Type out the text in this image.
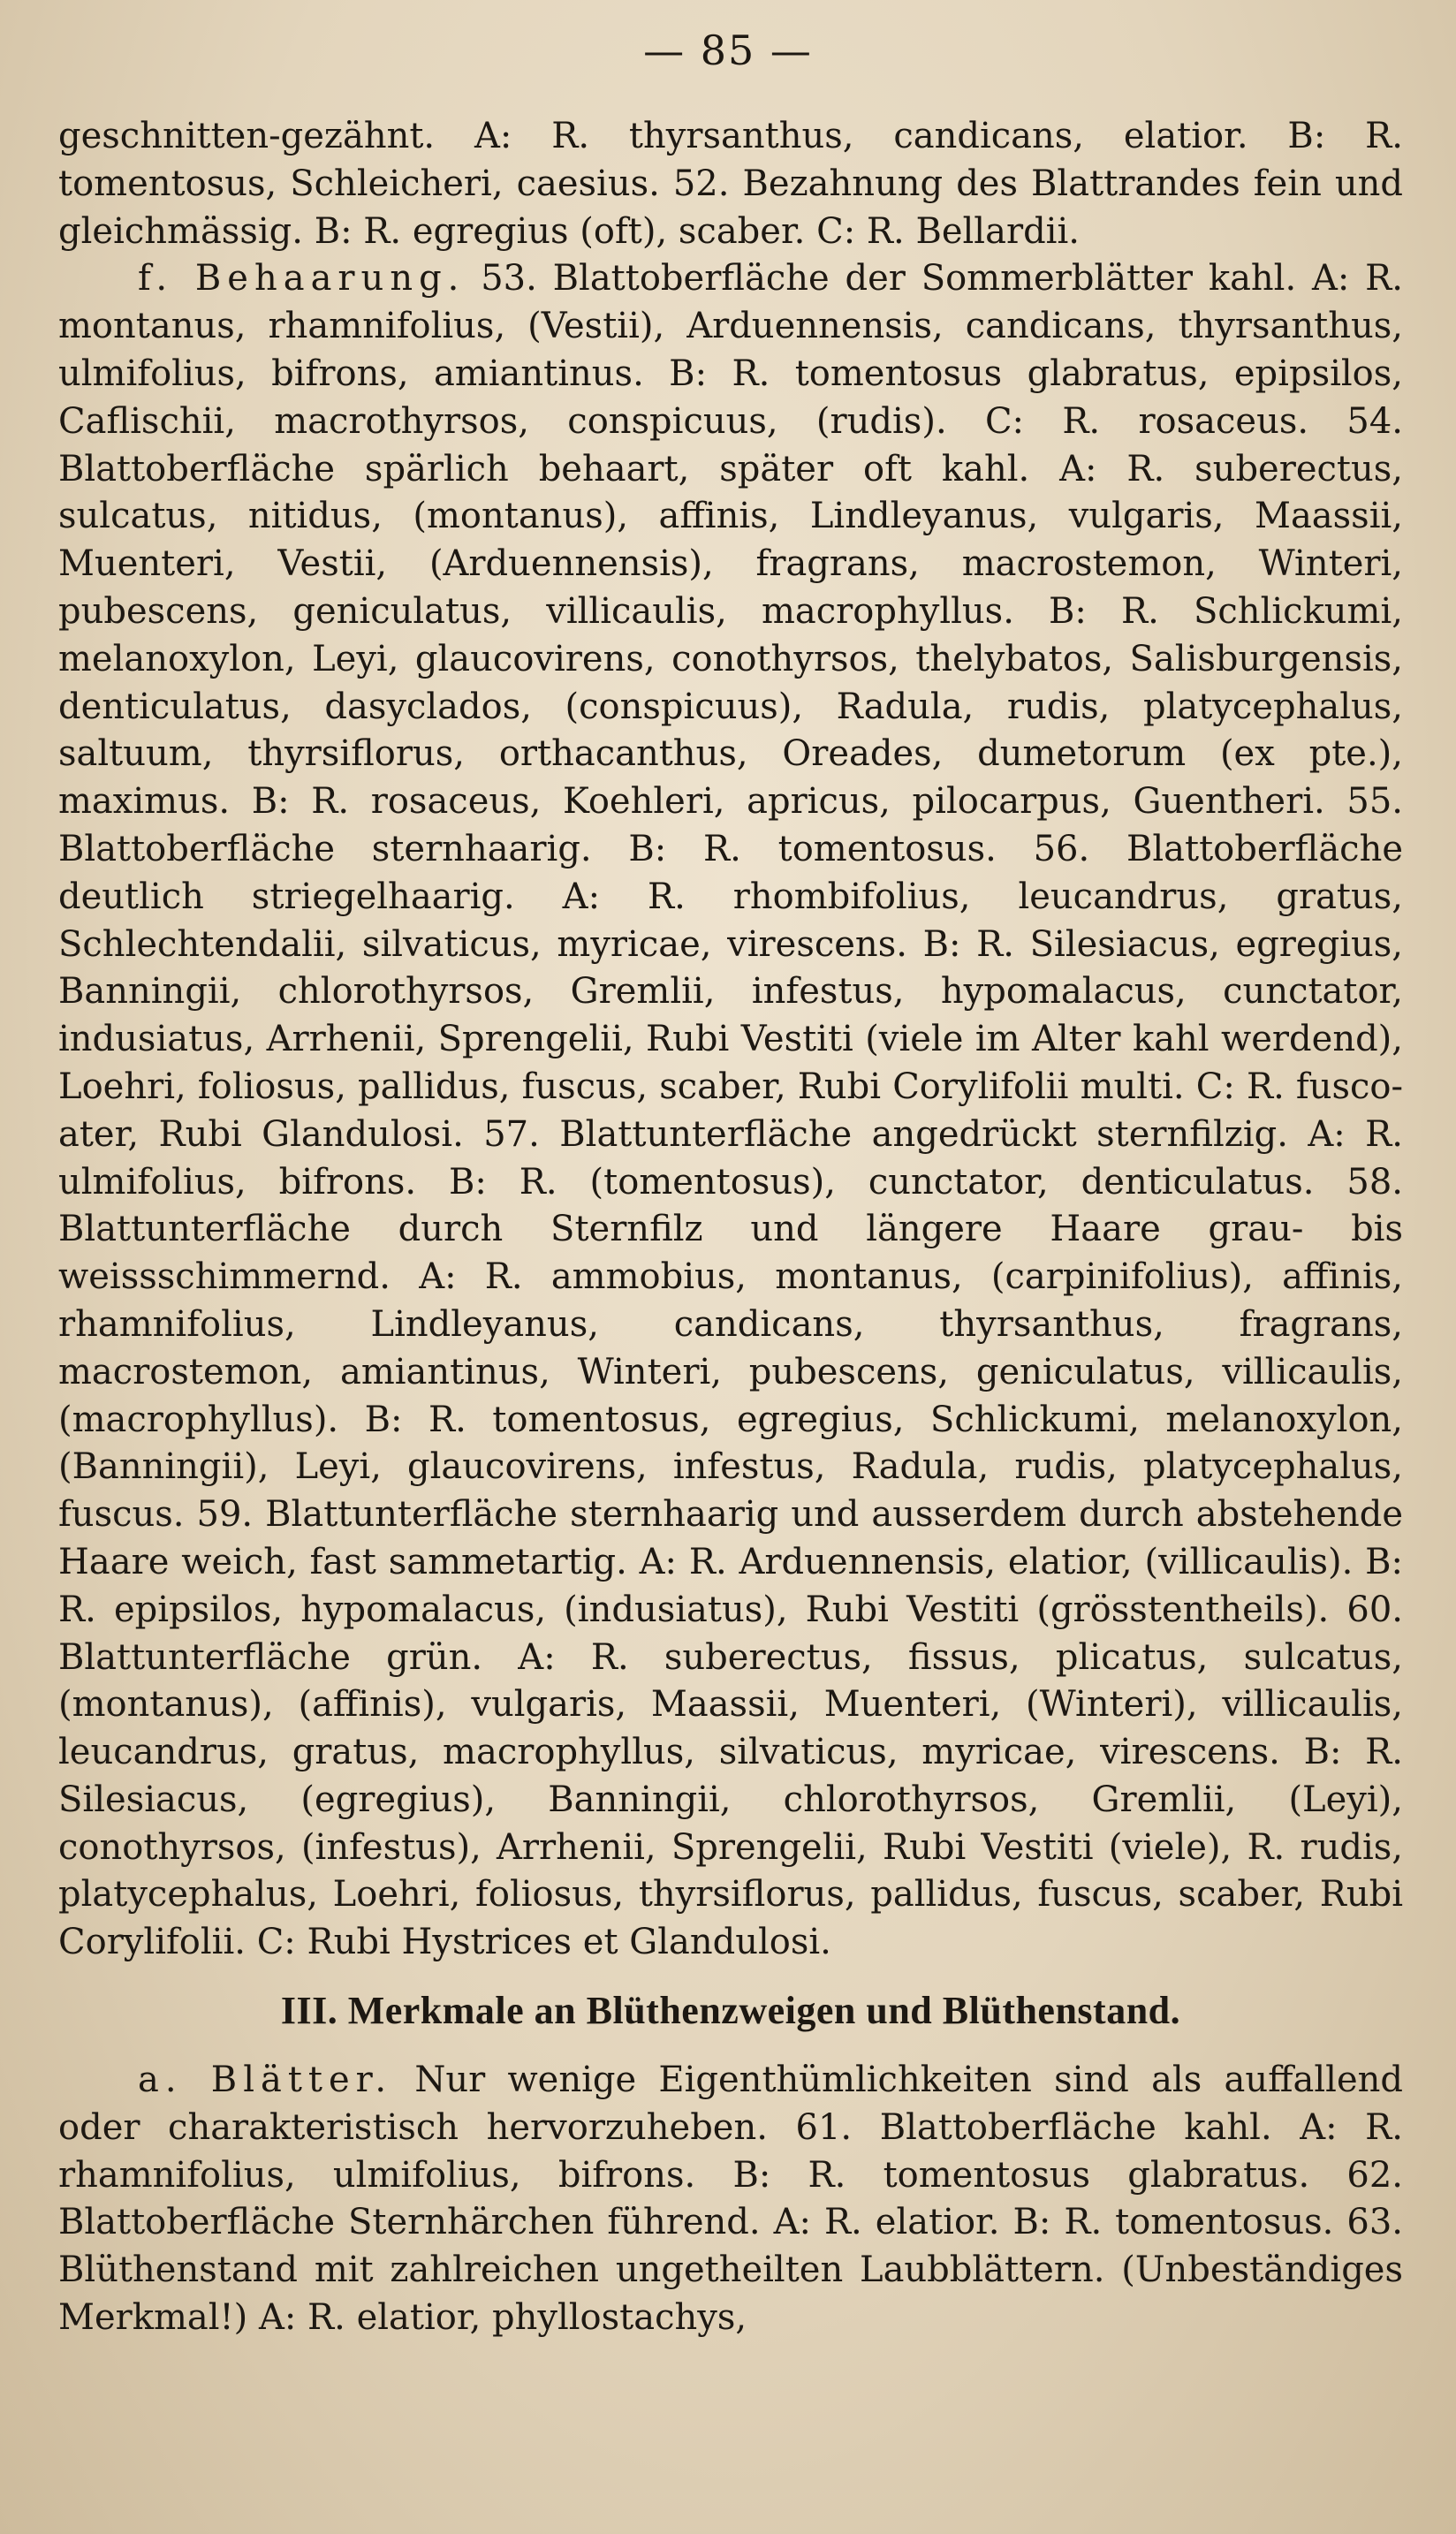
— 85 —

geschnitten-gezähnt. A: R. thyrsanthus, candicans, elatior. B: R. tomentosus, Schleicheri, caesius. 52. Bezahnung des Blattrandes fein und gleichmässig. B: R. egregius (oft), scaber. C: R. Bellardii.

f. Behaarung. 53. Blattoberfläche der Sommerblätter kahl. A: R. montanus, rhamnifolius, (Vestii), Arduennensis, candicans, thyrsanthus, ulmifolius, bifrons, amiantinus. B: R. tomentosus glabratus, epipsilos, Caflischii, macrothyrsos, conspicuus, (rudis). C: R. rosaceus. 54. Blattoberfläche spärlich behaart, später oft kahl. A: R. suberectus, sulcatus, nitidus, (montanus), affinis, Lindleyanus, vulgaris, Maassii, Muenteri, Vestii, (Arduennensis), fragrans, macrostemon, Winteri, pubescens, geniculatus, villicaulis, macrophyllus. B: R. Schlickumi, melanoxylon, Leyi, glaucovirens, conothyrsos, thelybatos, Salisburgensis, denticulatus, dasyclados, (conspicuus), Radula, rudis, platycephalus, saltuum, thyrsiflorus, orthacanthus, Oreades, dumetorum (ex pte.), maximus. B: R. rosaceus, Koehleri, apricus, pilocarpus, Guentheri. 55. Blattoberfläche sternhaarig. B: R. tomentosus. 56. Blattoberfläche deutlich striegelhaarig. A: R. rhombifolius, leucandrus, gratus, Schlechtendalii, silvaticus, myricae, virescens. B: R. Silesiacus, egregius, Banningii, chlorothyrsos, Gremlii, infestus, hypomalacus, cunctator, indusiatus, Arrhenii, Sprengelii, Rubi Vestiti (viele im Alter kahl werdend), Loehri, foliosus, pallidus, fuscus, scaber, Rubi Corylifolii multi. C: R. fusco-ater, Rubi Glandulosi. 57. Blattunterfläche angedrückt sternfilzig. A: R. ulmifolius, bifrons. B: R. (tomentosus), cunctator, denticulatus. 58. Blattunterfläche durch Sternfilz und längere Haare grau- bis weissschimmernd. A: R. ammobius, montanus, (carpinifolius), affinis, rhamnifolius, Lindleyanus, candicans, thyrsanthus, fragrans, macrostemon, amiantinus, Winteri, pubescens, geniculatus, villicaulis, (macrophyllus). B: R. tomentosus, egregius, Schlickumi, melanoxylon, (Banningii), Leyi, glaucovirens, infestus, Radula, rudis, platycephalus, fuscus. 59. Blattunterfläche sternhaarig und ausserdem durch abstehende Haare weich, fast sammetartig. A: R. Arduennensis, elatior, (villicaulis). B: R. epipsilos, hypomalacus, (indusiatus), Rubi Vestiti (grösstentheils). 60. Blattunterfläche grün. A: R. suberectus, fissus, plicatus, sulcatus, (montanus), (affinis), vulgaris, Maassii, Muenteri, (Winteri), villicaulis, leucandrus, gratus, macrophyllus, silvaticus, myricae, virescens. B: R. Silesiacus, (egregius), Banningii, chlorothyrsos, Gremlii, (Leyi), conothyrsos, (infestus), Arrhenii, Sprengelii, Rubi Vestiti (viele), R. rudis, platycephalus, Loehri, foliosus, thyrsiflorus, pallidus, fuscus, scaber, Rubi Corylifolii. C: Rubi Hystrices et Glandulosi.

III. Merkmale an Blüthenzweigen und Blüthenstand.

a. Blätter. Nur wenige Eigenthümlichkeiten sind als auffallend oder charakteristisch hervorzuheben. 61. Blattoberfläche kahl. A: R. rhamnifolius, ulmifolius, bifrons. B: R. tomentosus glabratus. 62. Blattoberfläche Sternhärchen führend. A: R. elatior. B: R. tomentosus. 63. Blüthenstand mit zahlreichen ungetheilten Laubblättern. (Unbeständiges Merkmal!) A: R. elatior, phyllostachys,
